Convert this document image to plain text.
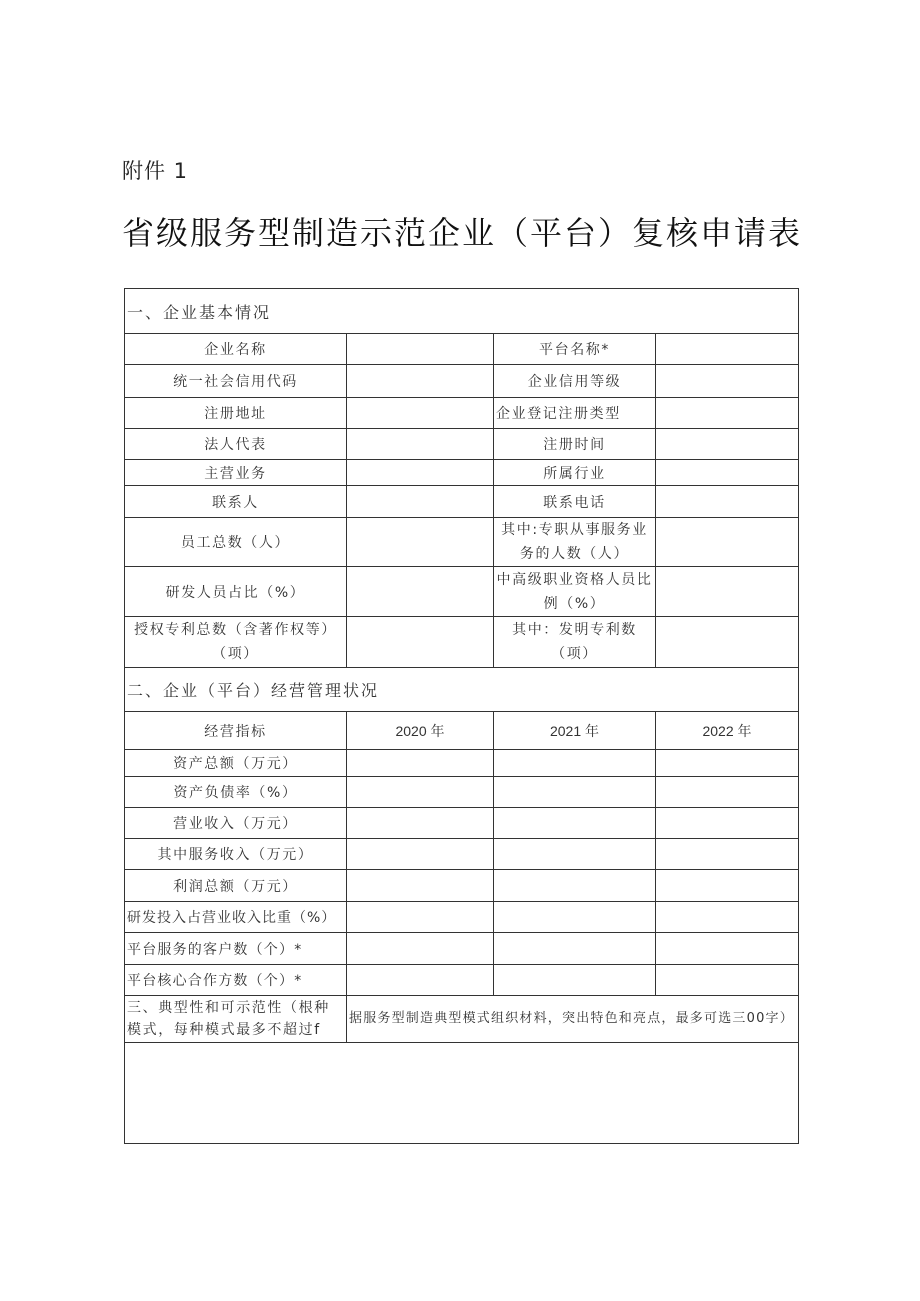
附件 1
省级服务型制造示范企业（平台）复核申请表
一、企业基本情况			
企业名称		平台名称*	
统一社会信用代码		企业信用等级	
注册地址		企业登记注册类型	
法人代表		注册时间	
主营业务		所属行业	
联系人		联系电话	
员工总数（人）		其中:专职从事服务业务的人数（人）	
研发人员占比（%）		中高级职业资格人员比例（%）	
授权专利总数（含著作权等）（项）		其中：发明专利数（项）	
二、企业（平台）经营管理状况			
经营指标	2020 年	2021 年	2022 年
资产总额（万元）			
资产负债率（%）			
营业收入（万元）			
其中服务收入（万元）			
利润总额（万元）			
研发投入占营业收入比重（%）			
平台服务的客户数（个）*			
平台核心合作方数（个）*			
三、典型性和可示范性（根种模式，每种模式最多不超过f	据服务型制造典型模式组织材料，突出特色和亮点，最多可选三00字）		
